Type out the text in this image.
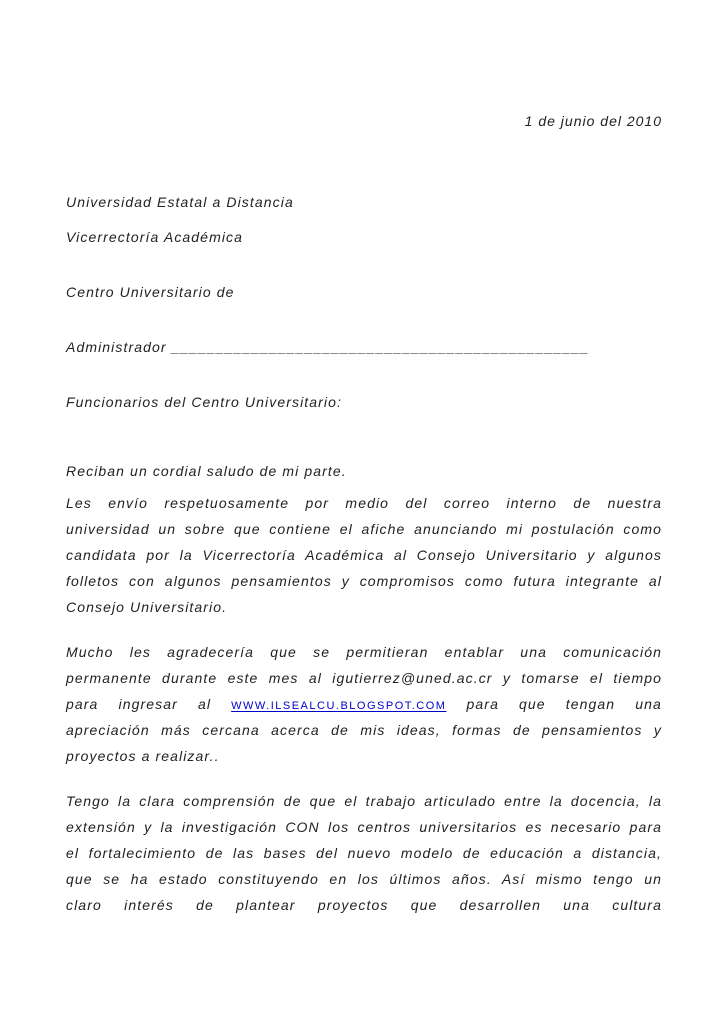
1 de junio del 2010
Universidad Estatal a Distancia
Vicerrectoría Académica
Centro Universitario de
Administrador _______________________________________________
Funcionarios del Centro Universitario:
Reciban un cordial saludo de mi parte.
Les envío respetuosamente por medio del correo interno de nuestra
universidad un sobre que contiene el afiche anunciando mi postulación como
candidata por la Vicerrectoría Académica al Consejo Universitario y algunos
folletos con algunos pensamientos y compromisos como futura integrante al
Consejo Universitario.
Mucho les agradecería que se permitieran entablar una comunicación
permanente durante este mes al igutierrez@uned.ac.cr y tomarse el tiempo
para ingresar al WWW.ILSEALCU.BLOGSPOT.COM para que tengan una
apreciación más cercana acerca de mis ideas, formas de pensamientos y
proyectos a realizar..
Tengo la clara comprensión de que el trabajo articulado entre la docencia, la
extensión y la investigación CON los centros universitarios es necesario para
el fortalecimiento de las bases del nuevo modelo de educación a distancia,
que se ha estado constituyendo en los últimos años. Así mismo tengo un
claro interés de plantear proyectos que desarrollen una cultura
